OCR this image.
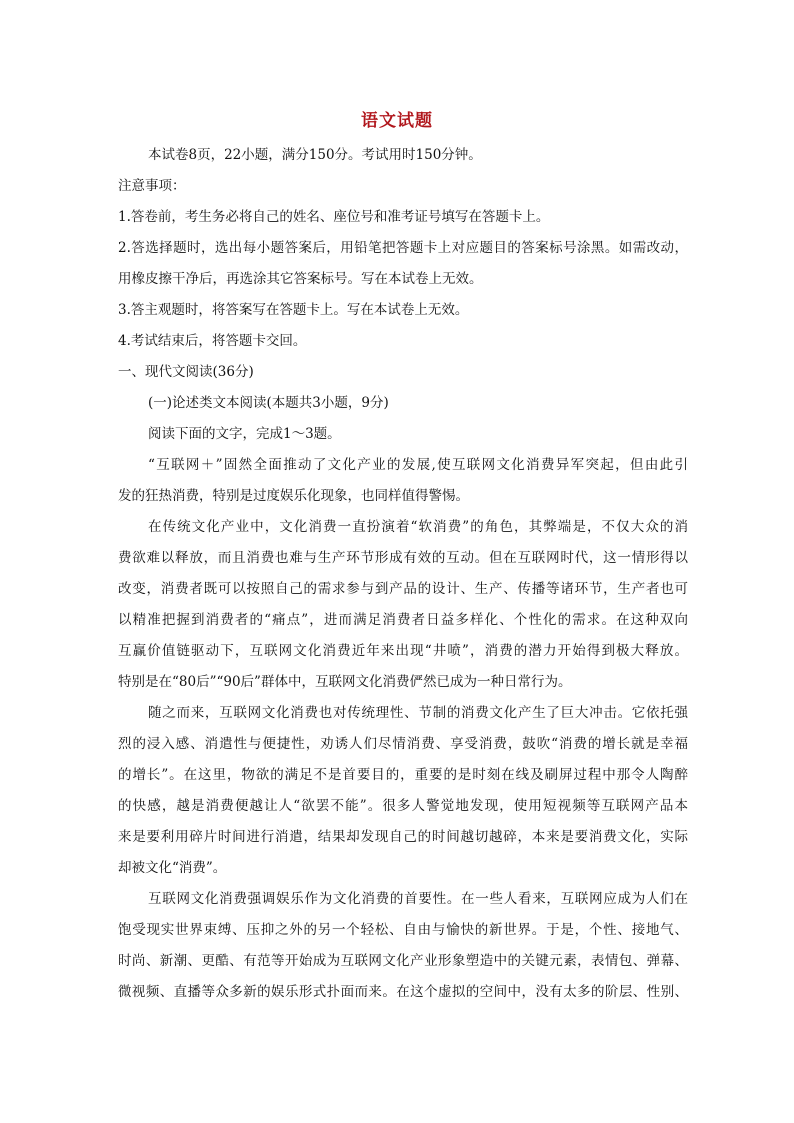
语文试题
本试卷8页，22小题，满分150分。考试用时150分钟。
注意事项：
1.答卷前，考生务必将自己的姓名、座位号和准考证号填写在答题卡上。
2.答选择题时，选出每小题答案后，用铅笔把答题卡上对应题目的答案标号涂黑。如需改动，
用橡皮擦干净后，再选涂其它答案标号。写在本试卷上无效。
3.答主观题时，将答案写在答题卡上。写在本试卷上无效。
4.考试结束后，将答题卡交回。
一、现代文阅读(36分)
(一)论述类文本阅读(本题共3小题，9分)
阅读下面的文字，完成1～3题。
“互联网＋”固然全面推动了文化产业的发展,使互联网文化消费异军突起，但由此引
发的狂热消费，特别是过度娱乐化现象，也同样值得警惕。
在传统文化产业中，文化消费一直扮演着“软消费”的角色，其弊端是，不仅大众的消
费欲难以释放，而且消费也难与生产环节形成有效的互动。但在互联网时代，这一情形得以
改变，消费者既可以按照自己的需求参与到产品的设计、生产、传播等诸环节，生产者也可
以精准把握到消费者的“痛点”，进而满足消费者日益多样化、个性化的需求。在这种双向
互赢价值链驱动下，互联网文化消费近年来出现“井喷”，消费的潜力开始得到极大释放。
特别是在“80后”“90后”群体中，互联网文化消费俨然已成为一种日常行为。
随之而来，互联网文化消费也对传统理性、节制的消费文化产生了巨大冲击。它依托强
烈的浸入感、消遣性与便捷性，劝诱人们尽情消费、享受消费，鼓吹“消费的增长就是幸福
的增长”。在这里，物欲的满足不是首要目的，重要的是时刻在线及刷屏过程中那令人陶醉
的快感，越是消费便越让人“欲罢不能”。很多人警觉地发现，使用短视频等互联网产品本
来是要利用碎片时间进行消遣，结果却发现自己的时间越切越碎，本来是要消费文化，实际
却被文化“消费”。
互联网文化消费强调娱乐作为文化消费的首要性。在一些人看来，互联网应成为人们在
饱受现实世界束缚、压抑之外的另一个轻松、自由与愉快的新世界。于是，个性、接地气、
时尚、新潮、更酷、有范等开始成为互联网文化产业形象塑造中的关键元素，表情包、弹幕、
微视频、直播等众多新的娱乐形式扑面而来。在这个虚拟的空间中，没有太多的阶层、性别、
